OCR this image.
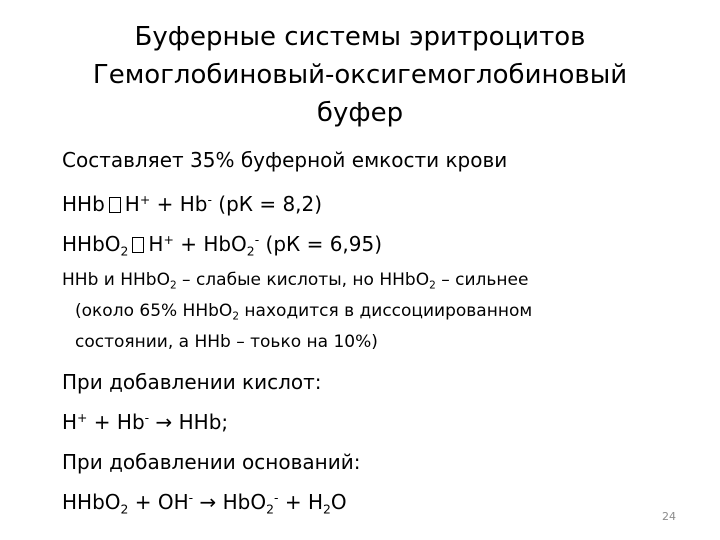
Буферные системы эритроцитов
Гемоглобиновый-оксигемоглобиновый
буфер
Составляет 35% буферной емкости крови
HHb H+ + Hb- (рК = 8,2)
HHbO$_2$ H+ + HbO$_2$- (рК = 6,95)
HHb и HHbO$_2$ – слабые кислоты, но HHbO$_2$ – сильнее
(около 65% HHbO$_2$ находится в диссоциированном
состоянии, а HHb – тоько на 10%)
При добавлении кислот:
H+ + Hb- → HHb;
При добавлении оснований:
HHbO$_2$ + $OH^- \to HbO_2^- + H_2O$
24
